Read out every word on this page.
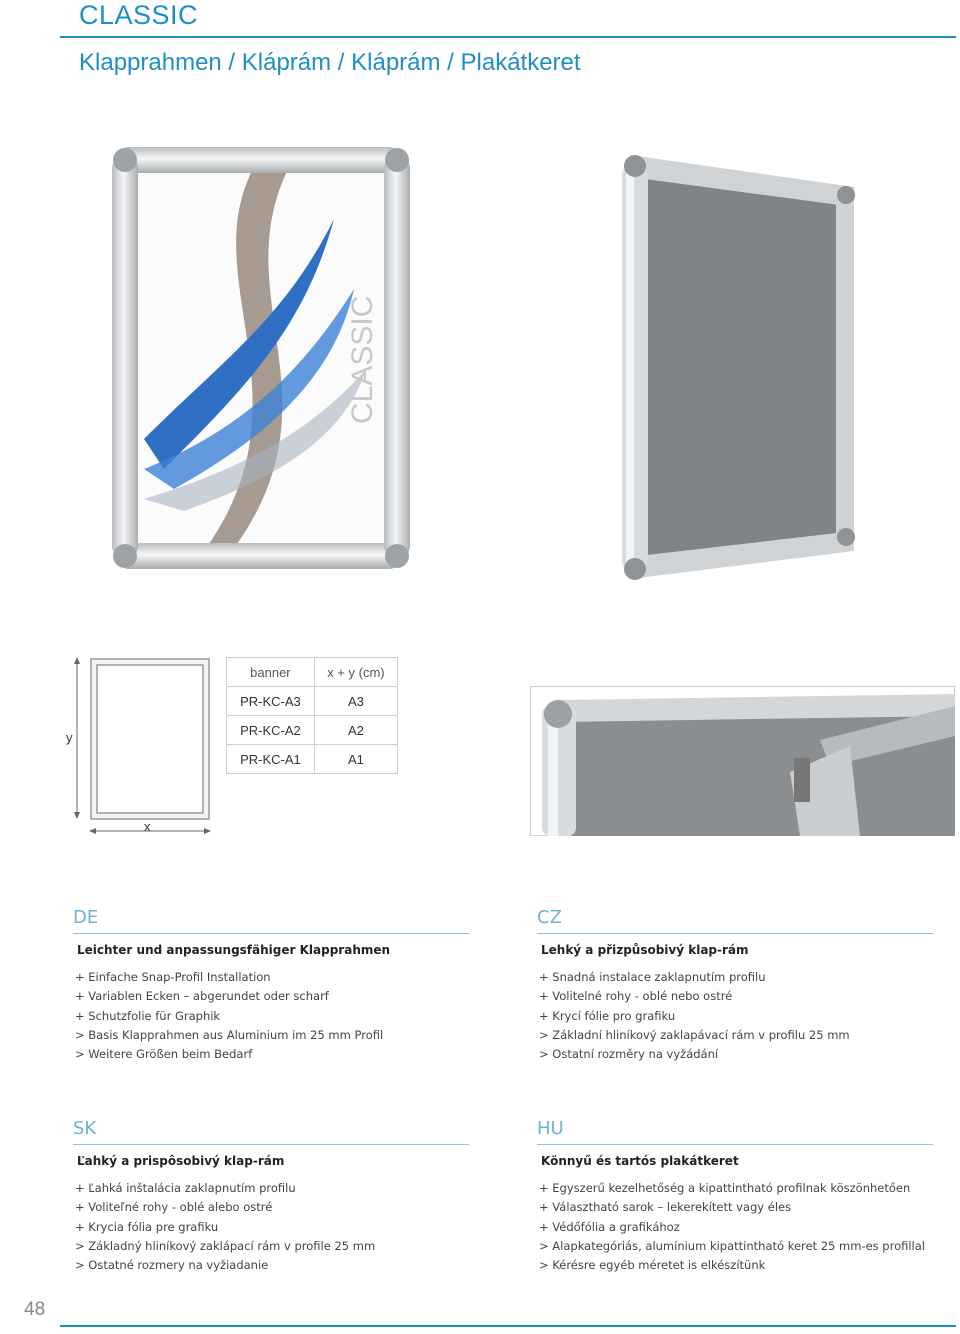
CLASSIC
Klapprahmen / Kláprám / Kláprám / Plakátkeret
CLASSIC
y
x
banner	x + y (cm)
PR-KC-A3	A3
PR-KC-A2	A2
PR-KC-A1	A1
DE
Leichter und anpassungsfähiger Klapprahmen
+ Einfache Snap-Profil Installation
+ Variablen Ecken – abgerundet oder scharf
+ Schutzfolie für Graphik
> Basis Klapprahmen aus Aluminium im 25 mm Profil
> Weitere Größen beim Bedarf
CZ
Lehký a přizpůsobivý klap-rám
+ Snadná instalace zaklapnutím profilu
+ Volitelné rohy - oblé nebo ostré
+ Krycí fólie pro grafiku
> Základní hliníkový zaklapávací rám v profilu 25 mm
> Ostatní rozměry na vyžádání
SK
Ľahký a prispôsobivý klap-rám
+ Ľahká inštalácia zaklapnutím profilu
+ Voliteľné rohy - oblé alebo ostré
+ Krycia fólia pre grafiku
> Základný hliníkový zaklápací rám v profile 25 mm
> Ostatné rozmery na vyžiadanie
HU
Könnyű és tartós plakátkeret
+ Egyszerű kezelhetőség a kipattintható profilnak köszönhetően
+ Választható sarok – lekerekített vagy éles
+ Védőfólia a grafikához
> Alapkategóriás, alumínium kipattintható keret 25 mm-es profillal
> Kérésre egyéb méretet is elkészítünk
48
